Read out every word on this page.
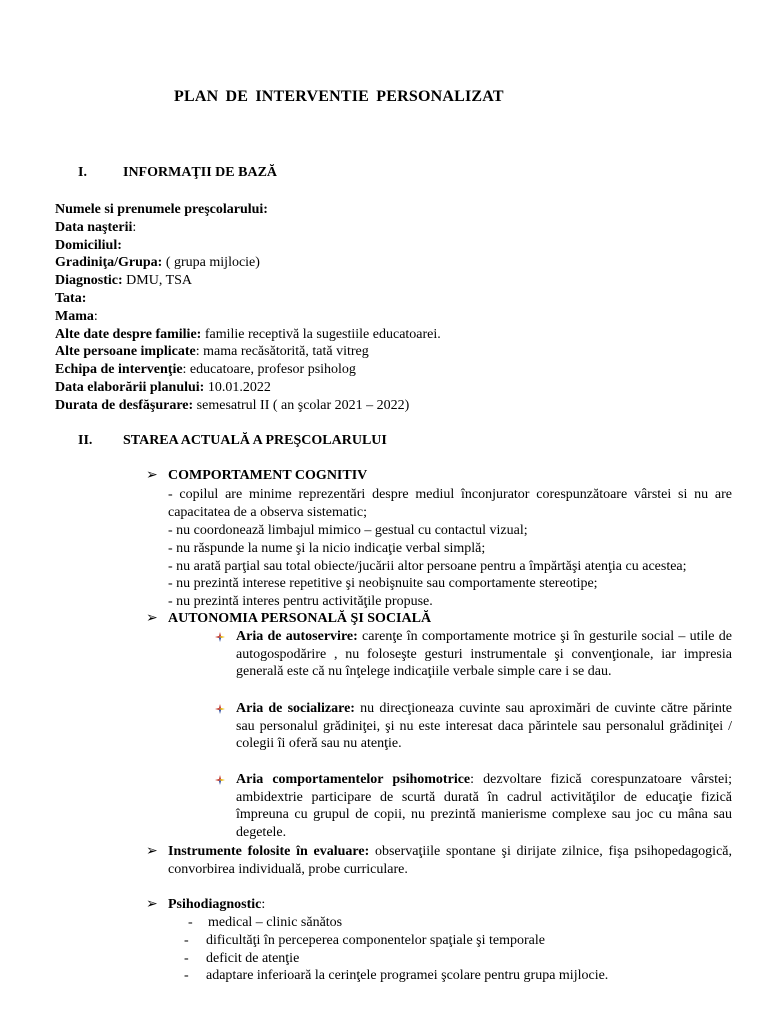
PLAN DE INTERVENTIE PERSONALIZAT
I.	INFORMAŢII DE BAZĂ
Numele si prenumele preşcolarului:
Data naşterii:
Domiciliul:
Gradiniţa/Grupa: ( grupa mijlocie)
Diagnostic: DMU, TSA
Tata:
Mama:
Alte date despre familie: familie receptivă la sugestiile educatoarei.
Alte persoane implicate: mama recăsătorită, tată vitreg
Echipa de intervenţie: educatoare, profesor psiholog
Data elaborării planului: 10.01.2022
Durata de desfăşurare: semesatrul II ( an şcolar 2021 – 2022)
II. STAREA ACTUALĂ A PREŞCOLARULUI
➢ COMPORTAMENT COGNITIV
- copilul are minime reprezentări despre mediul înconjurator corespunzătoare vârstei si nu are capacitatea de a observa sistematic;
- nu coordonează limbajul mimico – gestual cu contactul vizual;
- nu răspunde la nume şi la nicio indicaţie verbal simplă;
- nu arată parţial sau total obiecte/jucării altor persoane pentru a împărtăşi atenţia cu acestea;
- nu prezintă interese repetitive şi neobişnuite sau comportamente stereotipe;
- nu prezintă interes pentru activităţile propuse.
➢ AUTONOMIA PERSONALĂ ŞI SOCIALĂ
Aria de autoservire: carenţe în comportamente motrice şi în gesturile social – utile de autogospodărire , nu foloseşte gesturi instrumentale şi convenţionale, iar impresia generală este că nu înţelege indicaţiile verbale simple care i se dau.
Aria de socializare: nu direcţioneaza cuvinte sau aproximări de cuvinte către părinte sau personalul grădiniţei, şi nu este interesat daca părintele sau personalul grădiniţei / colegii îi oferă sau nu atenţie.
Aria comportamentelor psihomotrice: dezvoltare fizică corespunzatoare vârstei; ambidextrie participare de scurtă durată în cadrul activităţilor de educaţie fizică împreuna cu grupul de copii, nu prezintă manierisme complexe sau joc cu mâna sau degetele.
➢ Instrumente folosite în evaluare: observaţiile spontane şi dirijate zilnice, fişa psihopedagogică, convorbirea individuală, probe curriculare.
➢ Psihodiagnostic:
- medical – clinic sănătos
- dificultăţi în perceperea componentelor spaţiale şi temporale
- deficit de atenţie
- adaptare inferioară la cerinţele programei şcolare pentru grupa mijlocie.
